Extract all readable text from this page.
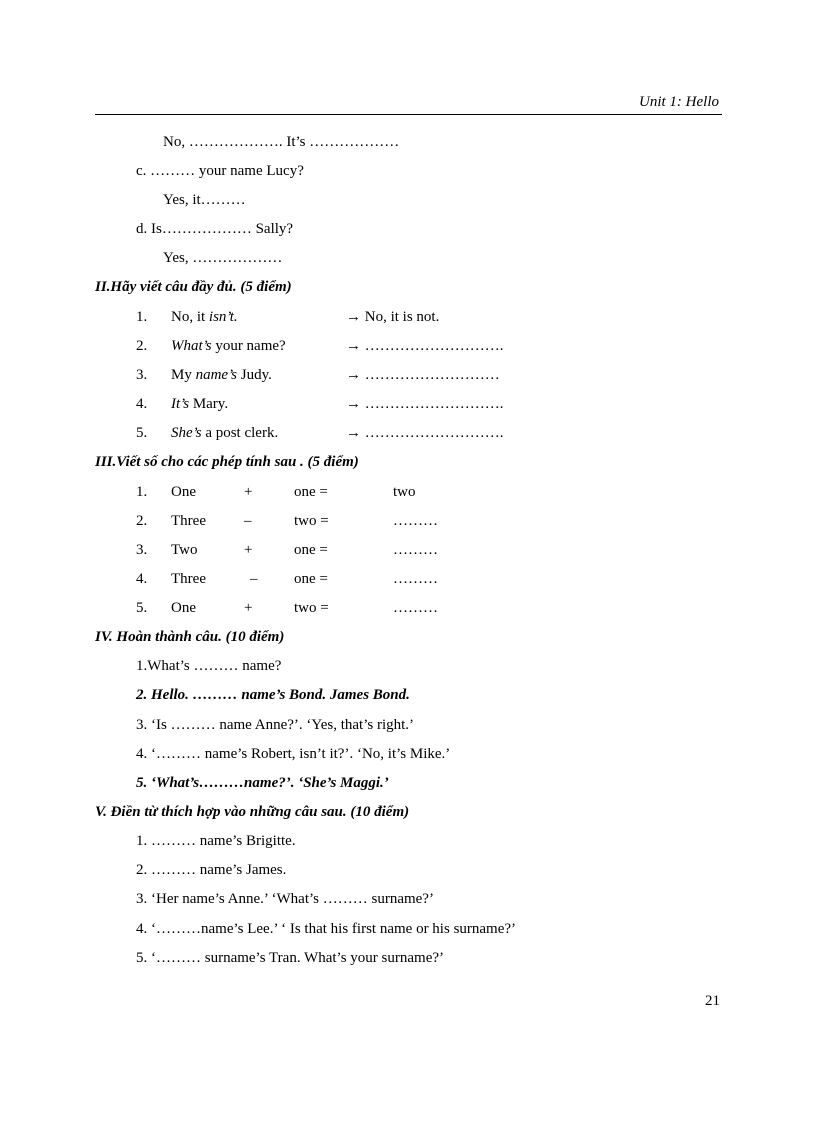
Unit 1: Hello
No, ………………. It’s ………………
c. ……… your name Lucy?
Yes, it………
d. Is……………… Sally?
Yes, ………………
II.Hãy viết câu đầy đủ. (5 điểm)
1. No, it isn’t.	→ No, it is not.
2. What’s your name?	→ ……………………….
3. My name’s Judy.	→ ………………………
4. It’s Mary.	→ ……………………….
5. She’s a post clerk.	→ ……………………….
III.Viết số cho các phép tính sau . (5 điểm)
1. One	+	one =	two
2. Three	–	two =	………
3. Two	+	one =	………
4. Three	– one =	………
5. One	+	two =	………
IV. Hoàn thành câu. (10 điểm)
1.What’s ……… name?
2. Hello. ……… name’s Bond. James Bond.
3. ‘Is ……… name Anne?’. ‘Yes, that’s right.’
4. ‘……… name’s Robert, isn’t it?’. ‘No, it’s Mike.’
5. ‘What’s………name?’. ‘She’s Maggi.’
V. Điền từ thích hợp vào những câu sau. (10 điểm)
1. ……… name’s Brigitte.
2. ……… name’s James.
3. ‘Her name’s Anne.’ ‘What’s ……… surname?’
4. ‘………name’s Lee.’ ‘ Is that his first name or his surname?’
5. ‘……… surname’s Tran. What’s your surname?’
21
